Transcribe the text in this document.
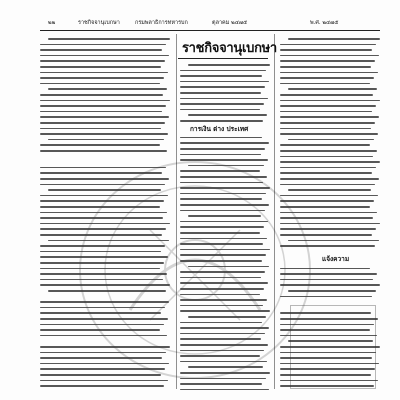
๒๒	ราชกิจจานุเบกษา	กรมพลาธิการทหารบก	ตุลาคม ๒๔๗๕	พ.ศ. ๒๔๗๕
ราชกิจจานุเบกษา
การเงิน ต่าง ประเทศ
แจ้งความ
